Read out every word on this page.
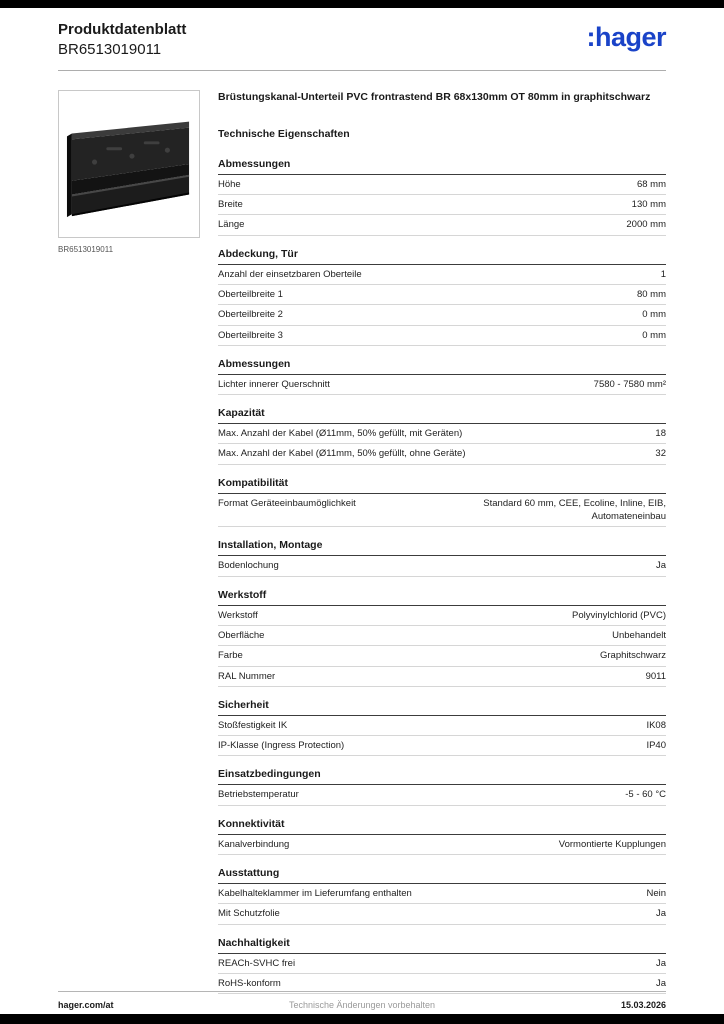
Produktdatenblatt
BR6513019011	:hager
BR6513019011

Brüstungskanal-Unterteil PVC frontrastend BR 68x130mm OT 80mm in graphitschwarz

Technische Eigenschaften

Abmessungen
Höhe	68 mm
Breite	130 mm
Länge	2000 mm
Abdeckung, Tür
Anzahl der einsetzbaren Oberteile	1
Oberteilbreite 1	80 mm
Oberteilbreite 2	0 mm
Oberteilbreite 3	0 mm
Abmessungen
Lichter innerer Querschnitt	7580 - 7580 mm²
Kapazität
Max. Anzahl der Kabel (Ø11mm, 50% gefüllt, mit Geräten)	18
Max. Anzahl der Kabel (Ø11mm, 50% gefüllt, ohne Geräte)	32
Kompatibilität
Format Geräteeinbaumöglichkeit	Standard 60 mm, CEE, Ecoline, Inline, EIB, Automateneinbau
Installation, Montage
Bodenlochung	Ja
Werkstoff
Werkstoff	Polyvinylchlorid (PVC)
Oberfläche	Unbehandelt
Farbe	Graphitschwarz
RAL Nummer	9011
Sicherheit
Stoßfestigkeit IK	IK08
IP-Klasse (Ingress Protection)	IP40
Einsatzbedingungen
Betriebstemperatur	-5 - 60 °C
Konnektivität
Kanalverbindung	Vormontierte Kupplungen
Ausstattung
Kabelhalteklammer im Lieferumfang enthalten	Nein
Mit Schutzfolie	Ja
Nachhaltigkeit
REACh-SVHC frei	Ja
RoHS-konform	Ja
hager.com/at	Technische Änderungen vorbehalten	15.03.2026
